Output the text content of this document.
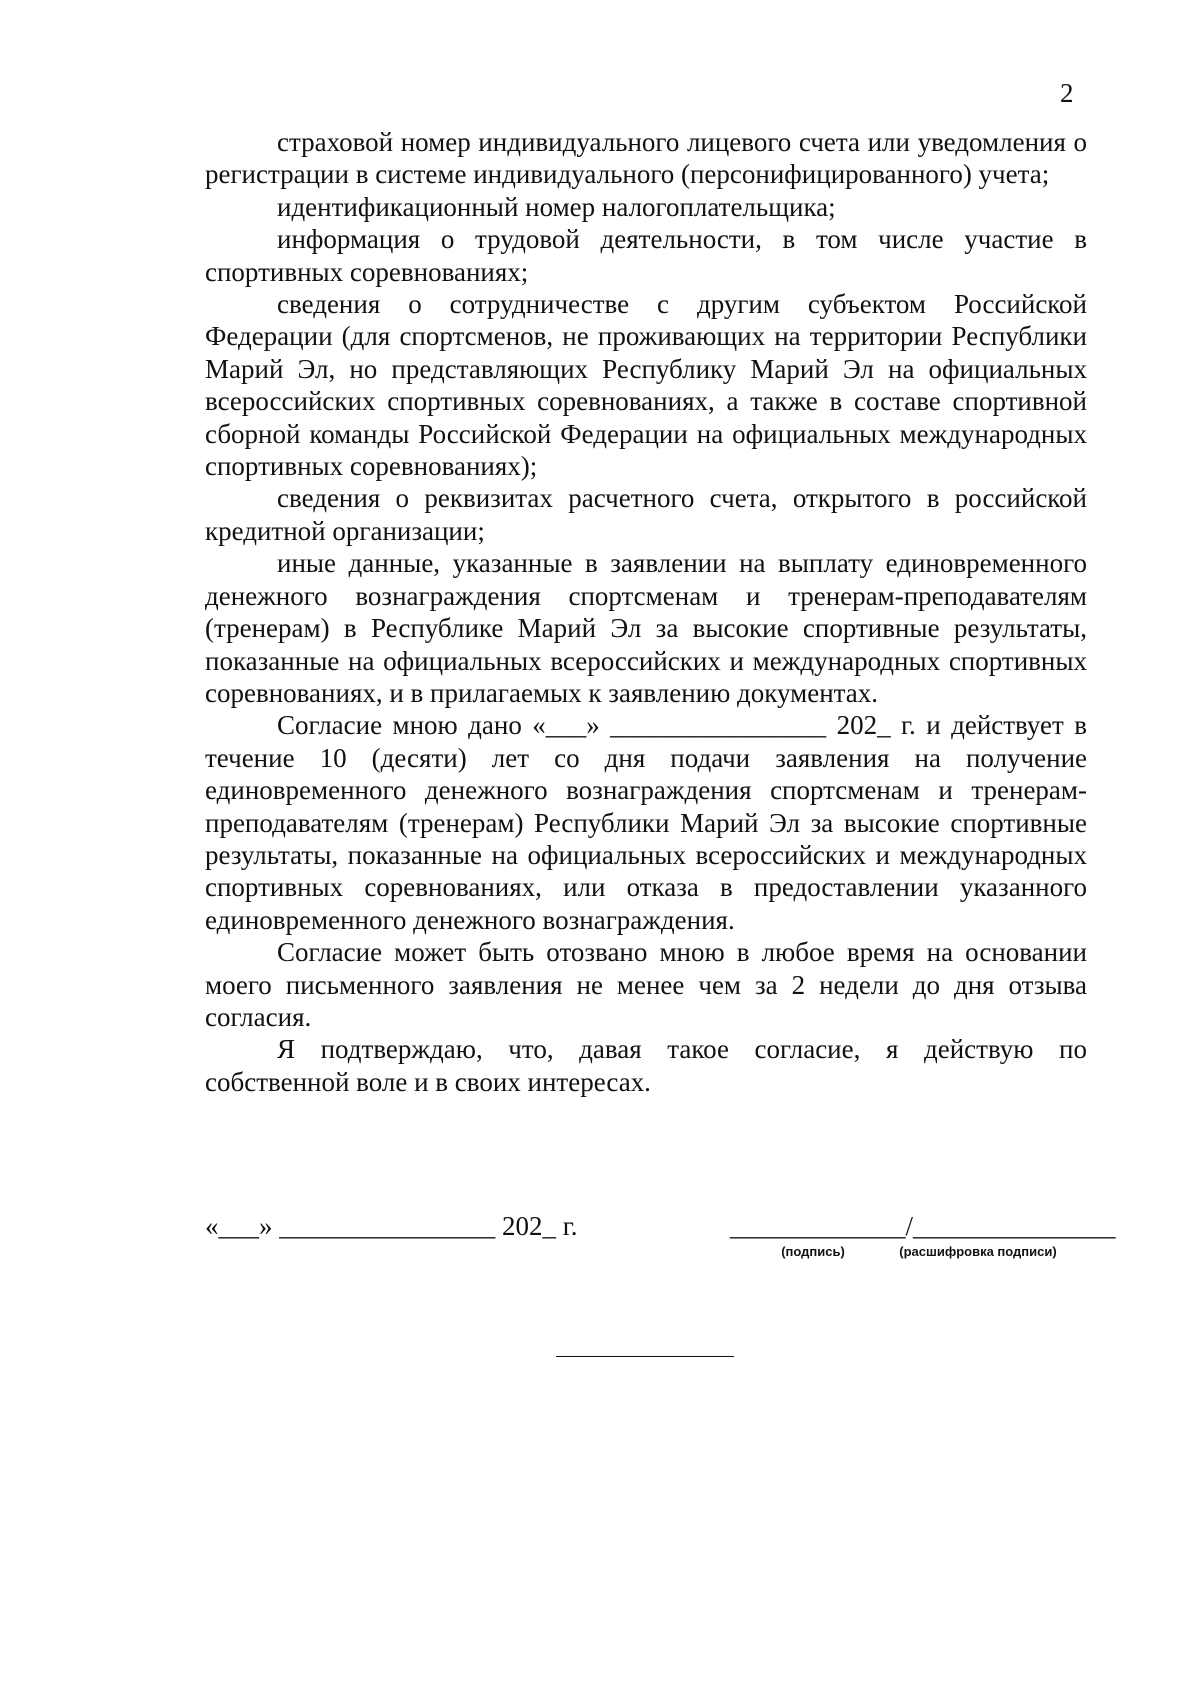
2

страховой номер индивидуального лицевого счета или уведомления о регистрации в системе индивидуального (персонифицированного) учета;

идентификационный номер налогоплательщика;

информация о трудовой деятельности, в том числе участие в спортивных соревнованиях;

сведения о сотрудничестве с другим субъектом Российской Федерации (для спортсменов, не проживающих на территории Республики Марий Эл, но представляющих Республику Марий Эл на официальных всероссийских спортивных соревнованиях, а также в составе спортивной сборной команды Российской Федерации на официальных международных спортивных соревнованиях);

сведения о реквизитах расчетного счета, открытого в российской кредитной организации;

иные данные, указанные в заявлении на выплату единовременного денежного вознаграждения спортсменам и тренерам-преподавателям (тренерам) в Республике Марий Эл за высокие спортивные результаты, показанные на официальных всероссийских и международных спортивных соревнованиях, и в прилагаемых к заявлению документах.

Согласие мною дано «___» ________________ 202_ г. и действует в течение 10 (десяти) лет со дня подачи заявления на получение единовременного денежного вознаграждения спортсменам и тренерам-преподавателям (тренерам) Республики Марий Эл за высокие спортивные результаты, показанные на официальных всероссийских и международных спортивных соревнованиях, или отказа в предоставлении указанного единовременного денежного вознаграждения.

Согласие может быть отозвано мною в любое время на основании моего письменного заявления не менее чем за 2 недели до дня отзыва согласия.

Я подтверждаю, что, давая такое согласие, я действую по собственной воле и в своих интересах.

«___» ________________ 202_ г.	_____________/_______________
(подпись)	(расшифровка подписи)
